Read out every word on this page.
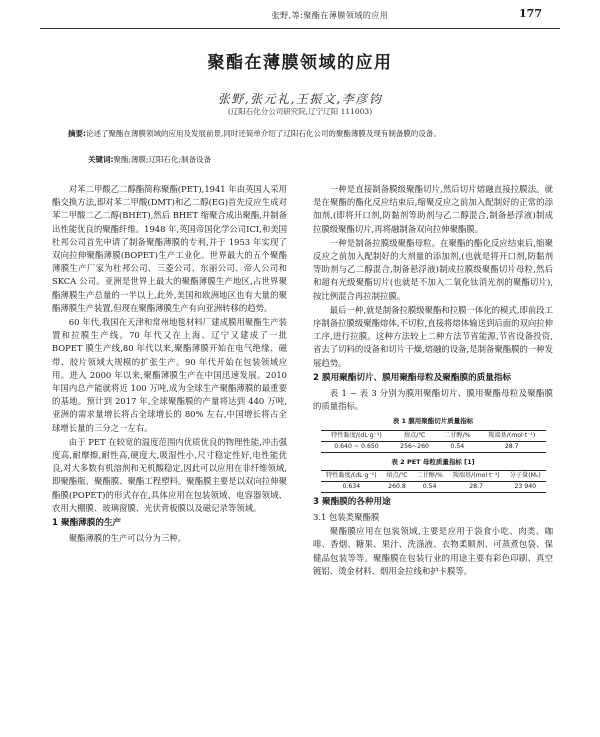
张野,等:聚酯在薄膜领域的应用	177
聚酯在薄膜领域的应用
张野,张元礼,王振文,李彦钧
(辽阳石化分公司研究院,辽宁辽阳 111003)
摘要:论述了聚酯在薄膜领域的应用及发展前景,同时还简单介绍了辽阳石化公司的聚酯薄膜及现有制备膜的设备。
关键词:聚酯;薄膜;辽阳石化;制备设备

对苯二甲酸乙二醇酯简称聚酯(PET),1941 年由英国人采用酯交换方法,即对苯二甲酸(DMT)和乙二醇(EG)首先反应生成对苯二甲酸二乙二醇(BHET),然后 BHET 缩聚合成出聚酯,并制备出性能优良的聚酯纤维。1948 年,英国帝国化学公司ICI,和美国杜邦公司首先申请了制备聚酯薄膜的专利,并于 1953 年实现了双向拉伸聚酯薄膜(BOPET)生产工业化。世界最大的五个聚酯薄膜生产厂家为杜邦公司、三菱公司、东丽公司、帝人公司和 SKCA 公司。亚洲是世界上最大的聚酯薄膜生产地区,占世界聚酯薄膜生产总量的一半以上,此外,美国和欧洲地区也有大量的聚酯薄膜生产装置,但现在聚酯薄膜生产有向亚洲转移的趋势。

60 年代,我国在天津和常州地毯材料厂建成膜用聚酯生产装置和拉膜生产线。70 年代又在上海、辽宁又建成了一批 BOPET 膜生产线,80 年代以来,聚酯薄膜开始在电气绝缘、磁带、胶片领域大规模的扩张生产。90 年代开始在包装领域应用。进入 2000 年以来,聚酯薄膜生产在中国迅速发展。2010 年国内总产能就将近 100 万吨,成为全球生产聚酯薄膜的最重要的基地。预计到 2017 年,全球聚酯膜的产量将达到 440 万吨,亚洲的需求量增长将占全球增长的 80% 左右,中国增长将占全球增长量的三分之一左右。

由于 PET 在较宽的温度范围内优质优良的物理性能,冲击强度高,耐摩擦,耐性高,硬度大,吸湿性小,尺寸稳定性好,电性能优良,对大多数有机溶剂和无机酸稳定,因此可以应用在非纤维领域,即聚酯瓶、聚酯膜、聚酯工程塑料。聚酯膜主要是以双向拉伸聚酯膜(POPET)的形式存在,具体应用在包装领域、电容器领域、农用大棚膜、玻璃窗膜、光伏背板膜以及磁记录等领域。

1 聚酯薄膜的生产

聚酯薄膜的生产可以分为三种。

一种是直接制备膜级聚酯切片,然后切片熔融直接拉膜法。就是在聚酯的酯化反应结束后,缩聚反应之前加入配制好的正常的添加剂,(即将开口剂,防黏剂等助剂与乙二醇混合,制备悬浮液)制成拉膜级聚酯切片,再将融制备双向拉伸聚酯膜。

一种是制备拉膜级聚酯母粒。在聚酯的酯化反应结束后,缩聚反应之前加入配制好的大剂量的添加剂,(也就是将开口剂,防黏剂等助剂与乙二醇混合,制备悬浮液)制成拉膜级聚酯切片母粒,然后和超有光级聚酯切片(也就是不加入二氧化钛消光剂的聚酯切片),按比例混合再拉制拉膜。

最后一种,就是制备拉膜级聚酯和拉膜一体化的模式,即前段工序制备拉膜级聚酯熔体,不切粒,直接将熔体输送到后面的双向拉伸工序,进行拉膜。这种方法较上二种方法节省能源,节省设备投资,省去了切料的设备和切片干燥,熔融的设备,是制备聚酯膜的一种发展趋势。

2 膜用聚酯切片、膜用聚酯母粒及聚酯膜的质量指标

表 1 ~ 表 3 分别为膜用聚酯切片、膜用聚酯母粒及聚酯膜的质量指标。

表 1 膜用聚酯切片质量指标
特性黏度/(dL·g⁻¹)	熔点/℃	二甘醇/%	羧端基/(mol·t⁻¹)
0.640 ~ 0.650	256~260	0.54	28.7
表 2 PET 母粒质量指标 [1]
特性黏度/(dL·g⁻¹)	熔点/℃	二甘醇/%	羧端基/(mol·t⁻¹)	分子量(Mₙ)
0.634	260.8	0.54	28.7	23 940
3 聚酯膜的各种用途
3.1 包装类聚酯膜

聚酯膜应用在包装领域,主要是应用于袋食小吃、肉类、咖啡、香烟、糖果、果汁、洗涤液、衣物柔顺剂、可蒸煮包袋、保健品包装等等。聚酯膜在包装行业的用途主要有彩色印刷、真空镀铝、烫金材料、烟用金拉线和护卡膜等。
